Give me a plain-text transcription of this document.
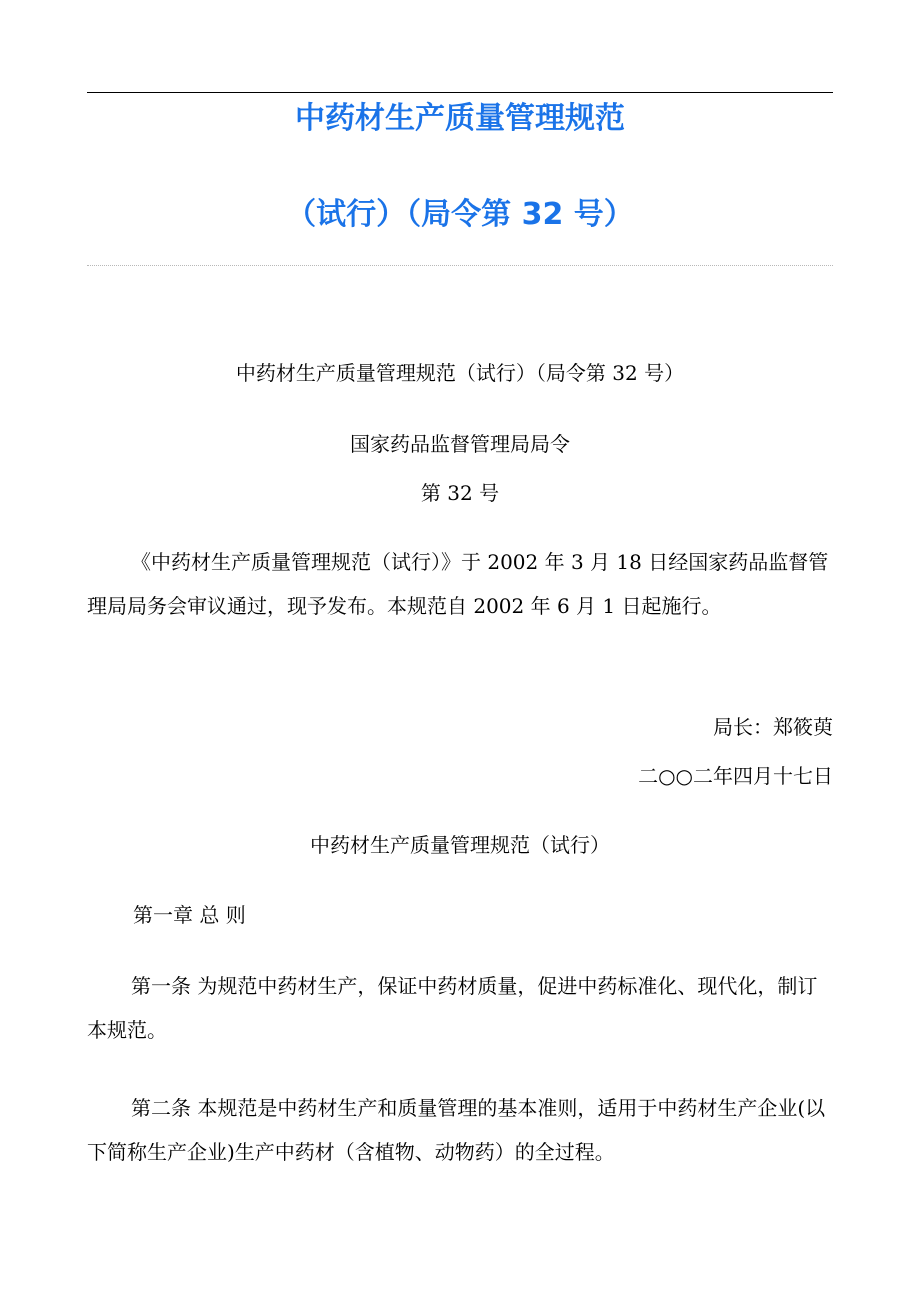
中药材生产质量管理规范
（试行）（局令第 32 号）

中药材生产质量管理规范（试行）（局令第 32 号）

国家药品监督管理局局令

第 32 号

《中药材生产质量管理规范（试行）》于 2002 年 3 月 18 日经国家药品监督管理局局务会审议通过，现予发布。本规范自 2002 年 6 月 1 日起施行。

局长：郑筱萸

二○○二年四月十七日

中药材生产质量管理规范（试行）

第一章 总 则

第一条 为规范中药材生产，保证中药材质量，促进中药标准化、现代化，制订本规范。

第二条 本规范是中药材生产和质量管理的基本准则，适用于中药材生产企业(以下简称生产企业)生产中药材（含植物、动物药）的全过程。
